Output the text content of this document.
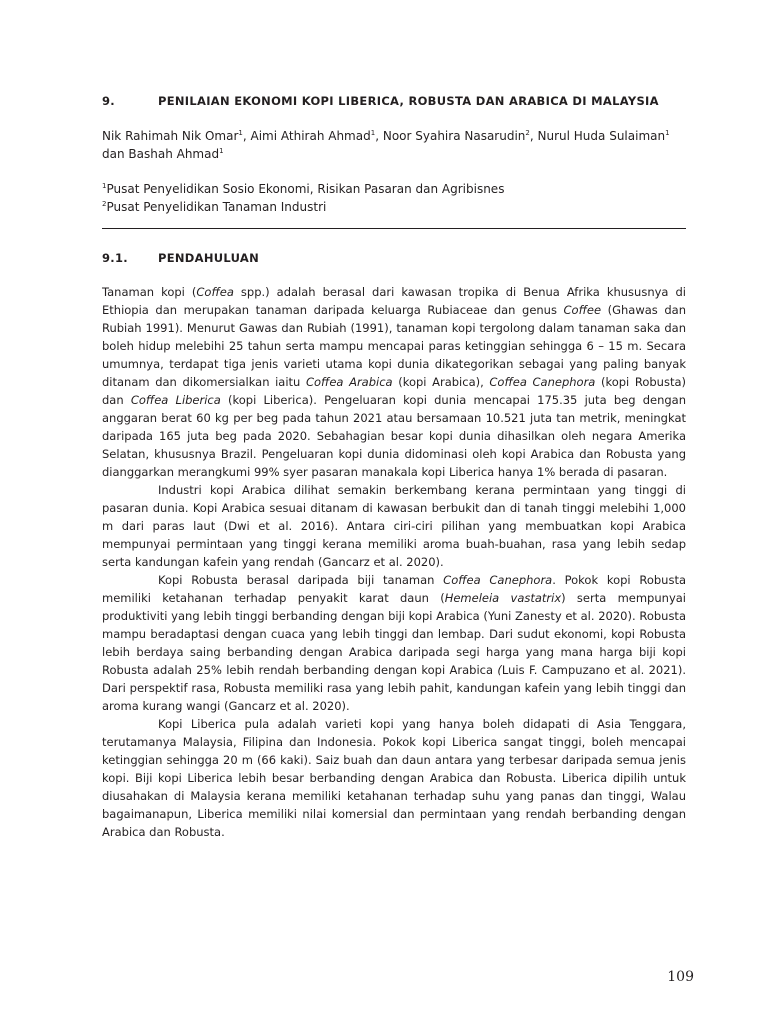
9.	PENILAIAN EKONOMI KOPI LIBERICA, ROBUSTA DAN ARABICA DI MALAYSIA
Nik Rahimah Nik Omar$^1$, Aimi Athirah Ahmad$^1$, Noor Syahira Nasarudin$^2$, Nurul Huda Sulaiman$^1$ dan Bashah Ahmad$^1$
$^1$Pusat Penyelidikan Sosio Ekonomi, Risikan Pasaran dan Agribisnes
$^2$Pusat Penyelidikan Tanaman Industri
9.1.	PENDAHULUAN

Tanaman kopi (Coffea spp.) adalah berasal dari kawasan tropika di Benua Afrika khususnya di Ethiopia dan merupakan tanaman daripada keluarga Rubiaceae dan genus Coffee (Ghawas dan Rubiah 1991). Menurut Gawas dan Rubiah (1991), tanaman kopi tergolong dalam tanaman saka dan boleh hidup melebihi 25 tahun serta mampu mencapai paras ketinggian sehingga 6 – 15 m. Secara umumnya, terdapat tiga jenis varieti utama kopi dunia dikategorikan sebagai yang paling banyak ditanam dan dikomersialkan iaitu Coffea Arabica (kopi Arabica), Coffea Canephora (kopi Robusta) dan Coffea Liberica (kopi Liberica). Pengeluaran kopi dunia mencapai 175.35 juta beg dengan anggaran berat 60 kg per beg pada tahun 2021 atau bersamaan 10.521 juta tan metrik, meningkat daripada 165 juta beg pada 2020. Sebahagian besar kopi dunia dihasilkan oleh negara Amerika Selatan, khususnya Brazil. Pengeluaran kopi dunia didominasi oleh kopi Arabica dan Robusta yang dianggarkan merangkumi 99% syer pasaran manakala kopi Liberica hanya 1% berada di pasaran.

Industri kopi Arabica dilihat semakin berkembang kerana permintaan yang tinggi di pasaran dunia. Kopi Arabica sesuai ditanam di kawasan berbukit dan di tanah tinggi melebihi 1,000 m dari paras laut (Dwi et al. 2016). Antara ciri-ciri pilihan yang membuatkan kopi Arabica mempunyai permintaan yang tinggi kerana memiliki aroma buah-buahan, rasa yang lebih sedap serta kandungan kafein yang rendah (Gancarz et al. 2020).

Kopi Robusta berasal daripada biji tanaman Coffea Canephora. Pokok kopi Robusta memiliki ketahanan terhadap penyakit karat daun (Hemeleia vastatrix) serta mempunyai produktiviti yang lebih tinggi berbanding dengan biji kopi Arabica (Yuni Zanesty et al. 2020). Robusta mampu beradaptasi dengan cuaca yang lebih tinggi dan lembap. Dari sudut ekonomi, kopi Robusta lebih berdaya saing berbanding dengan Arabica daripada segi harga yang mana harga biji kopi Robusta adalah 25% lebih rendah berbanding dengan kopi Arabica (Luis F. Campuzano et al. 2021). Dari perspektif rasa, Robusta memiliki rasa yang lebih pahit, kandungan kafein yang lebih tinggi dan aroma kurang wangi (Gancarz et al. 2020).

Kopi Liberica pula adalah varieti kopi yang hanya boleh didapati di Asia Tenggara, terutamanya Malaysia, Filipina dan Indonesia. Pokok kopi Liberica sangat tinggi, boleh mencapai ketinggian sehingga 20 m (66 kaki). Saiz buah dan daun antara yang terbesar daripada semua jenis kopi. Biji kopi Liberica lebih besar berbanding dengan Arabica dan Robusta. Liberica dipilih untuk diusahakan di Malaysia kerana memiliki ketahanan terhadap suhu yang panas dan tinggi, Walau bagaimanapun, Liberica memiliki nilai komersial dan permintaan yang rendah berbanding dengan Arabica dan Robusta.

109
